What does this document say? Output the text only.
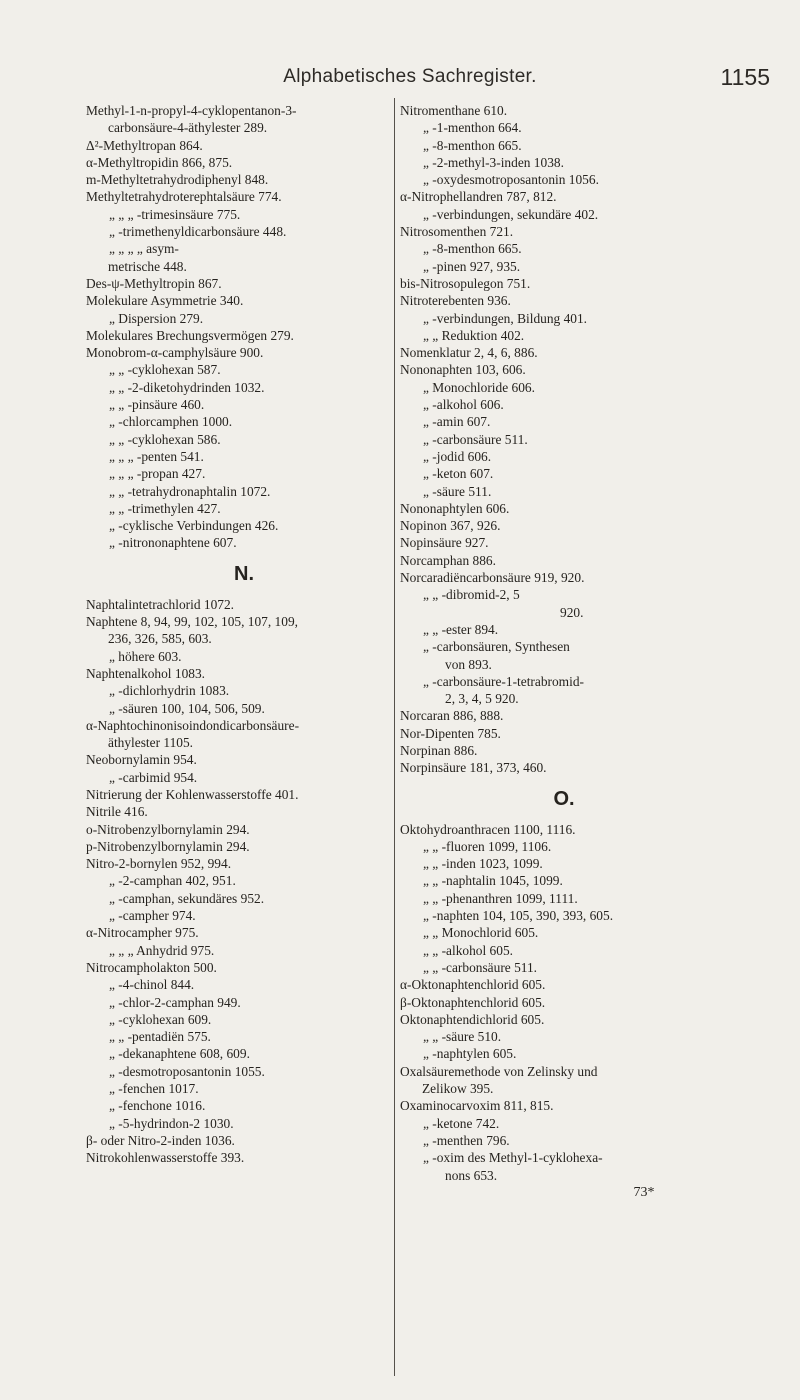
Alphabetisches Sachregister.	1155
Methyl-1-n-propyl-4-cyklopentanon-3-
carbonsäure-4-äthylester 289.
Δ²-Methyltropan 864.
α-Methyltropidin 866, 875.
m-Methyltetrahydrodiphenyl 848.
Methyltetrahydroterephtalsäure 774.
„ „ „ -trimesinsäure 775.
„ -trimethenyldicarbonsäure 448.
„ „ „ „ asym-
metrische 448.
Des-ψ-Methyltropin 867.
Molekulare Asymmetrie 340.
„ Dispersion 279.
Molekulares Brechungsvermögen 279.
Monobrom-α-camphylsäure 900.
„ „ -cyklohexan 587.
„ „ -2-diketohydrinden 1032.
„ „ -pinsäure 460.
„ -chlorcamphen 1000.
„ „ -cyklohexan 586.
„ „ „ -penten 541.
„ „ „ -propan 427.
„ „ -tetrahydronaphtalin 1072.
„ „ -trimethylen 427.
„ -cyklische Verbindungen 426.
„ -nitrononaphtene 607.
N.
Naphtalintetrachlorid 1072.
Naphtene 8, 94, 99, 102, 105, 107, 109,
236, 326, 585, 603.
„ höhere 603.
Naphtenalkohol 1083.
„ -dichlorhydrin 1083.
„ -säuren 100, 104, 506, 509.
α-Naphtochinonisoindondicarbonsäure-
äthylester 1105.
Neobornylamin 954.
„ -carbimid 954.
Nitrierung der Kohlenwasserstoffe 401.
Nitrile 416.
o-Nitrobenzylbornylamin 294.
p-Nitrobenzylbornylamin 294.
Nitro-2-bornylen 952, 994.
„ -2-camphan 402, 951.
„ -camphan, sekundäres 952.
„ -campher 974.
α-Nitrocampher 975.
„ „ „ Anhydrid 975.
Nitrocampholakton 500.
„ -4-chinol 844.
„ -chlor-2-camphan 949.
„ -cyklohexan 609.
„ „ -pentadiën 575.
„ -dekanaphtene 608, 609.
„ -desmotroposantonin 1055.
„ -fenchen 1017.
„ -fenchone 1016.
„ -5-hydrindon-2 1030.
β- oder Nitro-2-inden 1036.
Nitrokohlenwasserstoffe 393.
Nitromenthane 610.
„ -1-menthon 664.
„ -8-menthon 665.
„ -2-methyl-3-inden 1038.
„ -oxydesmotroposantonin 1056.
α-Nitrophellandren 787, 812.
„ -verbindungen, sekundäre 402.
Nitrosomenthen 721.
„ -8-menthon 665.
„ -pinen 927, 935.
bis-Nitrosopulegon 751.
Nitroterebenten 936.
„ -verbindungen, Bildung 401.
„ „ Reduktion 402.
Nomenklatur 2, 4, 6, 886.
Nononaphten 103, 606.
„ Monochloride 606.
„ -alkohol 606.
„ -amin 607.
„ -carbonsäure 511.
„ -jodid 606.
„ -keton 607.
„ -säure 511.
Nononaphtylen 606.
Nopinon 367, 926.
Nopinsäure 927.
Norcamphan 886.
Norcaradiëncarbonsäure 919, 920.
„ „ -dibromid-2, 5
920.
„ „ -ester 894.
„ -carbonsäuren, Synthesen
von 893.
„ -carbonsäure-1-tetrabromid-
2, 3, 4, 5 920.
Norcaran 886, 888.
Nor-Dipenten 785.
Norpinan 886.
Norpinsäure 181, 373, 460.
O.
Oktohydroanthracen 1100, 1116.
„ „ -fluoren 1099, 1106.
„ „ -inden 1023, 1099.
„ „ -naphtalin 1045, 1099.
„ „ -phenanthren 1099, 1111.
„ -naphten 104, 105, 390, 393, 605.
„ „ Monochlorid 605.
„ „ -alkohol 605.
„ „ -carbonsäure 511.
α-Oktonaphtenchlorid 605.
β-Oktonaphtenchlorid 605.
Oktonaphtendichlorid 605.
„ „ -säure 510.
„ -naphtylen 605.
Oxalsäuremethode von Zelinsky und
Zelikow 395.
Oxaminocarvoxim 811, 815.
„ -ketone 742.
„ -menthen 796.
„ -oxim des Methyl-1-cyklohexa-
nons 653.
73*
